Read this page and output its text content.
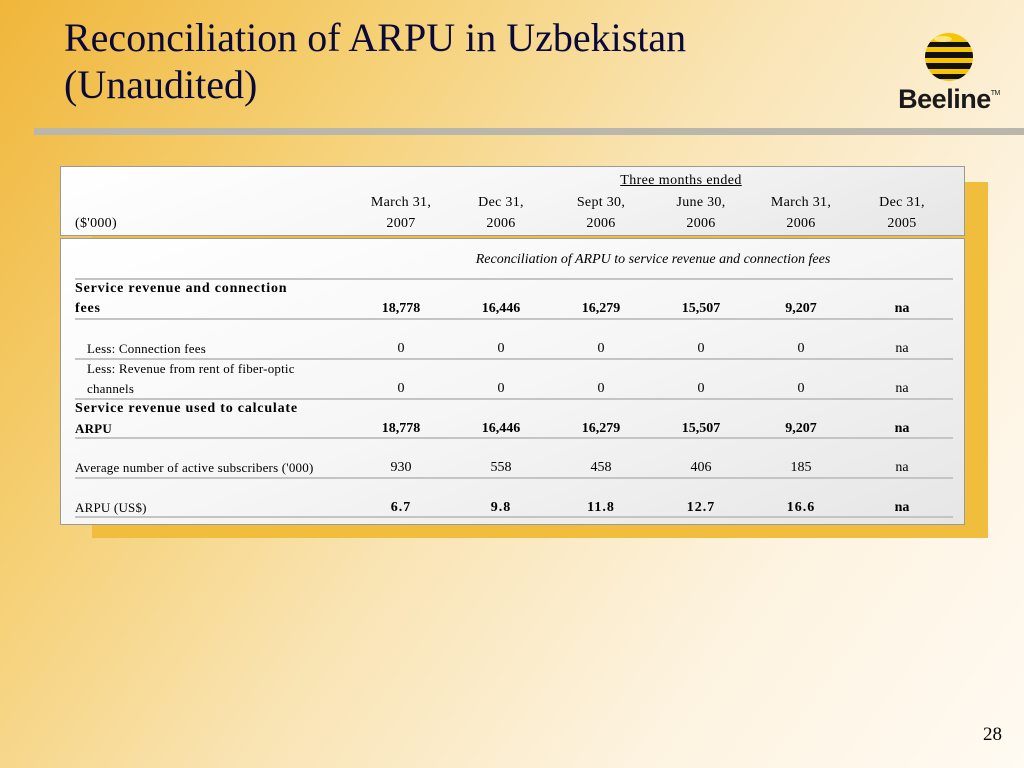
Reconciliation of ARPU in Uzbekistan
(Unaudited)	Beeline™
Three months ended
March 31,	Dec 31,	Sept 30,	June 30,	March 31,	Dec 31,
($'000)	2007	2006	2006	2006	2006	2005
Reconciliation of ARPU to service revenue and connection fees
Service revenue and connection
fees	18,778	16,446	16,279	15,507	9,207	na
Less: Connection fees	0	0	0	0	0	na
Less: Revenue from rent of fiber-optic
channels	0	0	0	0	0	na
Service revenue used to calculate
ARPU	18,778	16,446	16,279	15,507	9,207	na
Average number of active subscribers ('000)	930	558	458	406	185	na
ARPU (US$)	6.7	9.8	11.8	12.7	16.6	na
28
